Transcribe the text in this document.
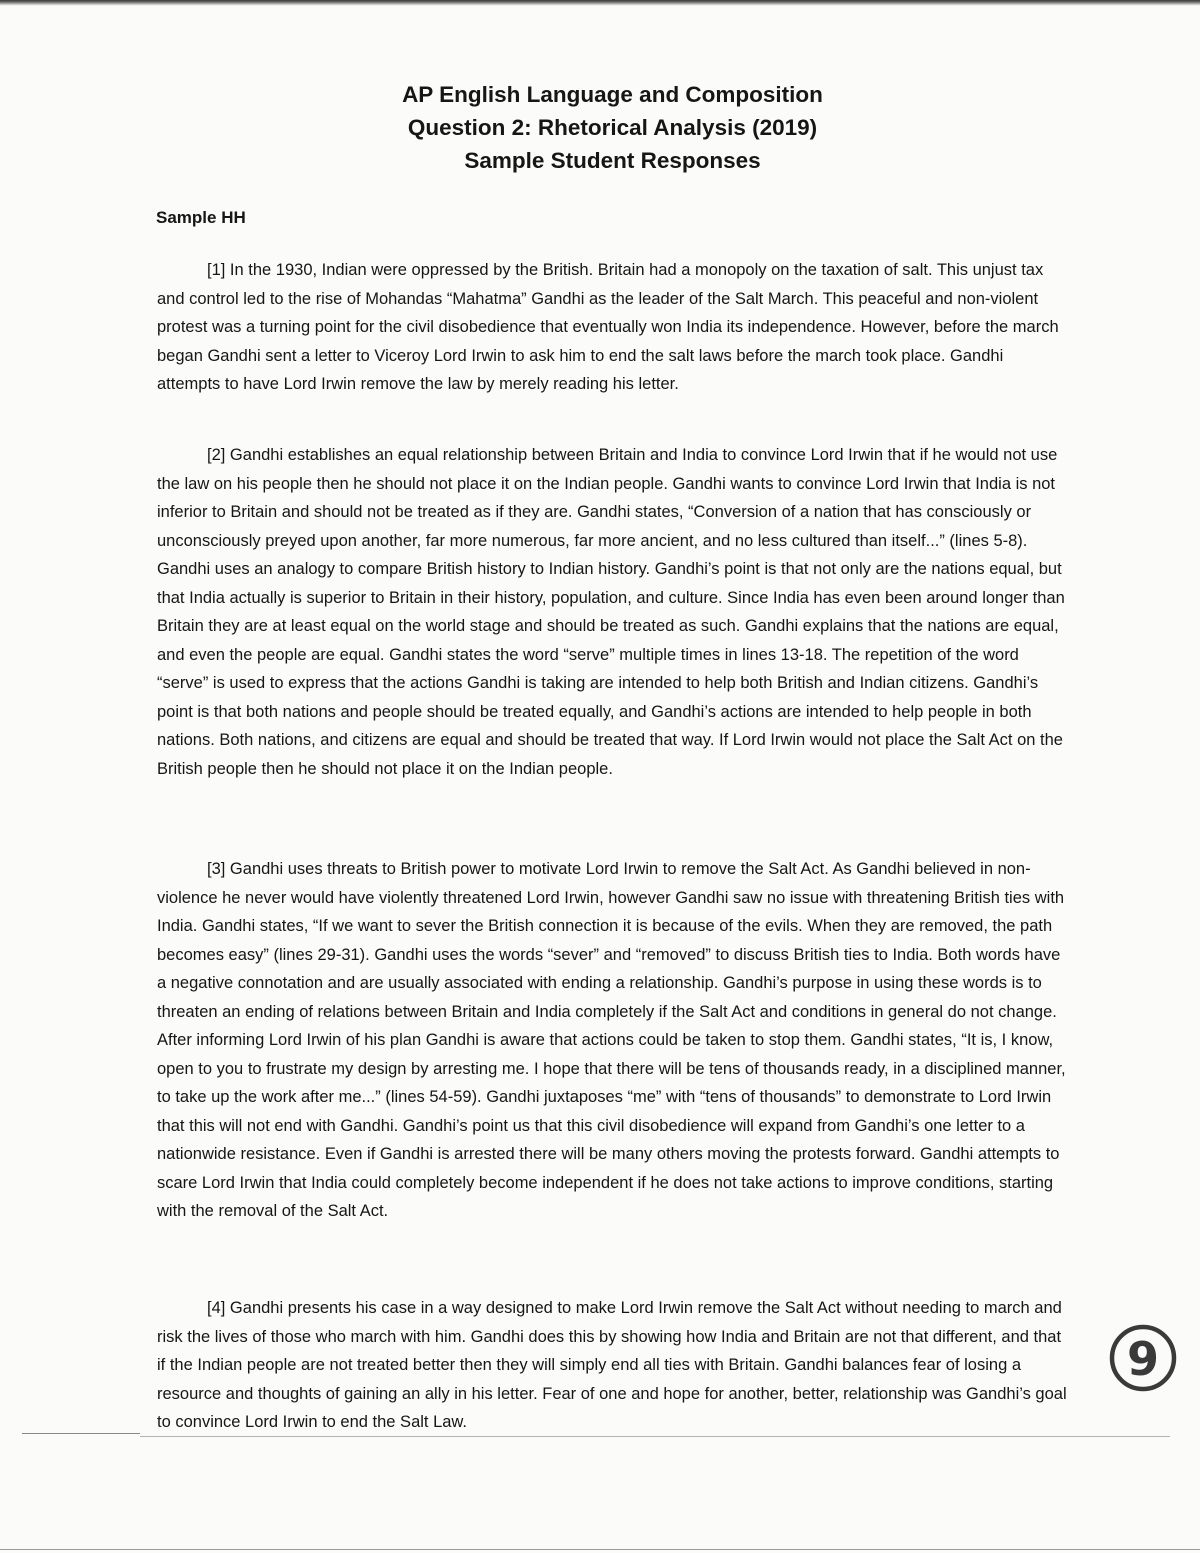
AP English Language and Composition
Question 2: Rhetorical Analysis (2019)
Sample Student Responses
Sample HH

[1] In the 1930, Indian were oppressed by the British. Britain had a monopoly on the taxation of salt. This unjust tax and control led to the rise of Mohandas “Mahatma” Gandhi as the leader of the Salt March. This peaceful and non-violent protest was a turning point for the civil disobedience that eventually won India its independence. However, before the march began Gandhi sent a letter to Viceroy Lord Irwin to ask him to end the salt laws before the march took place. Gandhi attempts to have Lord Irwin remove the law by merely reading his letter.

[2] Gandhi establishes an equal relationship between Britain and India to convince Lord Irwin that if he would not use the law on his people then he should not place it on the Indian people. Gandhi wants to convince Lord Irwin that India is not inferior to Britain and should not be treated as if they are. Gandhi states, “Conversion of a nation that has consciously or unconsciously preyed upon another, far more numerous, far more ancient, and no less cultured than itself...” (lines 5-8). Gandhi uses an analogy to compare British history to Indian history. Gandhi’s point is that not only are the nations equal, but that India actually is superior to Britain in their history, population, and culture. Since India has even been around longer than Britain they are at least equal on the world stage and should be treated as such. Gandhi explains that the nations are equal, and even the people are equal. Gandhi states the word “serve” multiple times in lines 13-18. The repetition of the word “serve” is used to express that the actions Gandhi is taking are intended to help both British and Indian citizens. Gandhi’s point is that both nations and people should be treated equally, and Gandhi’s actions are intended to help people in both nations. Both nations, and citizens are equal and should be treated that way. If Lord Irwin would not place the Salt Act on the British people then he should not place it on the Indian people.

[3] Gandhi uses threats to British power to motivate Lord Irwin to remove the Salt Act. As Gandhi believed in non-violence he never would have violently threatened Lord Irwin, however Gandhi saw no issue with threatening British ties with India. Gandhi states, “If we want to sever the British connection it is because of the evils. When they are removed, the path becomes easy” (lines 29-31). Gandhi uses the words “sever” and “removed” to discuss British ties to India. Both words have a negative connotation and are usually associated with ending a relationship. Gandhi’s purpose in using these words is to threaten an ending of relations between Britain and India completely if the Salt Act and conditions in general do not change. After informing Lord Irwin of his plan Gandhi is aware that actions could be taken to stop them. Gandhi states, “It is, I know, open to you to frustrate my design by arresting me. I hope that there will be tens of thousands ready, in a disciplined manner, to take up the work after me...” (lines 54-59). Gandhi juxtaposes “me” with “tens of thousands” to demonstrate to Lord Irwin that this will not end with Gandhi. Gandhi’s point us that this civil disobedience will expand from Gandhi’s one letter to a nationwide resistance. Even if Gandhi is arrested there will be many others moving the protests forward. Gandhi attempts to scare Lord Irwin that India could completely become independent if he does not take actions to improve conditions, starting with the removal of the Salt Act.

[4] Gandhi presents his case in a way designed to make Lord Irwin remove the Salt Act without needing to march and risk the lives of those who march with him. Gandhi does this by showing how India and Britain are not that different, and that if the Indian people are not treated better then they will simply end all ties with Britain. Gandhi balances fear of losing a resource and thoughts of gaining an ally in his letter. Fear of one and hope for another, better, relationship was Gandhi’s goal to convince Lord Irwin to end the Salt Law.

9
